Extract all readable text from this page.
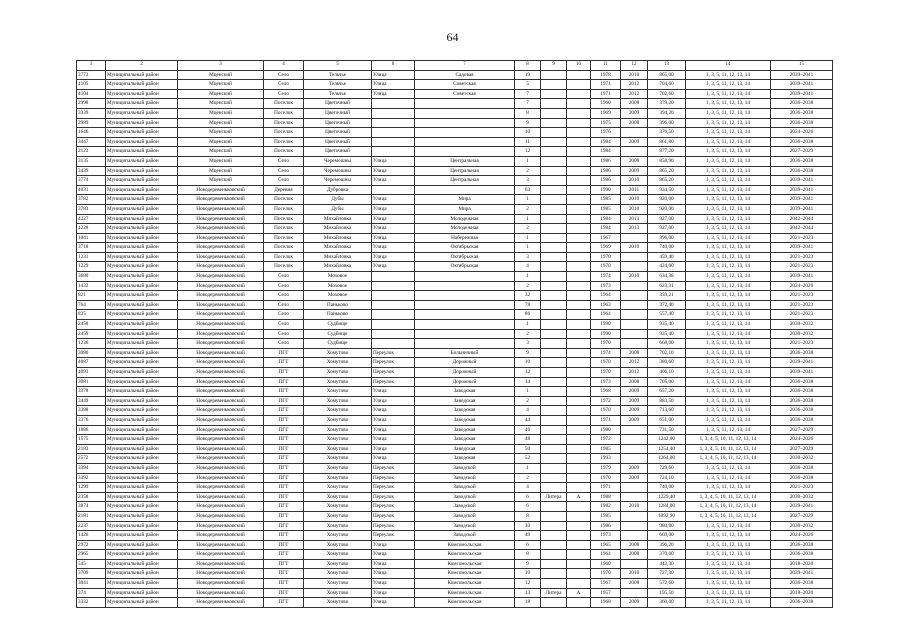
64
1	2	3	4	5	6	7	8	9	10	11	12	13	14	15
3773	Муниципальный район	Мценский	Село	Тельчье	Улица	Садовая	19			1978	2010	865,00	1, 3, 5, 11, 12, 13, 14	2039–2041
4105	Муниципальный район	Мценский	Село	Тельчье	Улица	Советская	5			1971	2012	704,60	1, 3, 5, 11, 12, 13, 14	2039–2041
4104	Муниципальный район	Мценский	Село	Тельчье	Улица	Советская	7			1971	2012	702,60	1, 3, 5, 11, 12, 13, 14	2039–2041
2998	Муниципальный район	Мценский	Поселок	Цветочный			7			1960	2008	379,20	1, 3, 5, 11, 12, 13, 14	2036–2038
3339	Муниципальный район	Мценский	Поселок	Цветочный			8			1969	2009	394,20	1, 3, 5, 11, 12, 13, 14	2036–2038
2989	Муниципальный район	Мценский	Поселок	Цветочный			9			1975	2008	396,00	1, 3, 5, 11, 12, 13, 14	2036–2038
1646	Муниципальный район	Мценский	Поселок	Цветочный			10			1976		376,50	1, 3, 5, 11, 12, 13, 14	2024–2026
3447	Муниципальный район	Мценский	Поселок	Цветочный			11			1984	2009	861,80	1, 3, 5, 11, 12, 13, 14	2036–2038
2123	Муниципальный район	Мценский	Поселок	Цветочный			12			1984		877,20	1, 3, 5, 11, 12, 13, 14	2027–2029
3135	Муниципальный район	Мценский	Село	Черемошны	Улица	Центральная	1			1986	2008	858,90	1, 3, 5, 11, 12, 13, 14	2036–2038
3439	Муниципальный район	Мценский	Село	Черемошны	Улица	Центральная	2			1986	2009	865,20	1, 3, 5, 11, 12, 13, 14	2036–2038
3774	Муниципальный район	Мценский	Село	Черемошны	Улица	Центральная	3			1986	2010	865,20	1, 3, 5, 11, 12, 13, 14	2039–2041
4031	Муниципальный район	Новодеревеньковский	Деревня	Дубровка			63			1990	2011	934,50	1, 3, 5, 11, 12, 13, 14	2039–2041
3782	Муниципальный район	Новодеревеньковский	Поселок	Дубы	Улица	Мира	1			1985	2010	920,00	1, 3, 5, 11, 12, 13, 14	2039–2041
3783	Муниципальный район	Новодеревеньковский	Поселок	Дубы	Улица	Мира	2			1985	2010	920,00	1, 3, 5, 11, 12, 13, 14	2039–2041
4227	Муниципальный район	Новодеревеньковский	Поселок	Михайловка	Улица	Молодежная	1			1984	2013	927,00	1, 3, 5, 11, 12, 13, 14	2042–2044
4228	Муниципальный район	Новодеревеньковский	Поселок	Михайловка	Улица	Молодежная	2			1984	2013	927,00	1, 3, 5, 11, 12, 13, 14	2042–2044
1041	Муниципальный район	Новодеревеньковский	Поселок	Михайловка	Улица	Набережная	1			1967		396,00	1, 3, 5, 11, 12, 13, 14	2021–2023
3718	Муниципальный район	Новодеревеньковский	Поселок	Михайловка	Улица	Октябрьская	1			1969	2010	740,00	1, 3, 5, 11, 12, 13, 14	2039–2041
1231	Муниципальный район	Новодеревеньковский	Поселок	Михайловка	Улица	Октябрьская	3			1970		459,40	1, 3, 5, 11, 12, 13, 14	2021–2023
1229	Муниципальный район	Новодеревеньковский	Поселок	Михайловка	Улица	Октябрьская	4			1970		424,00	1, 3, 5, 11, 12, 13, 14	2021–2023
3680	Муниципальный район	Новодеревеньковский	Село	Моховое			1			1974	2010	634,38	1, 3, 5, 11, 12, 13, 14	2039–2041
1433	Муниципальный район	Новодеревеньковский	Село	Моховое			2			1973		623,31	1, 3, 5, 11, 12, 13, 14	2024–2026
821	Муниципальный район	Новодеревеньковский	Село	Моховое			32			1964		359,21	1, 3, 5, 11, 12, 13, 14	2021–2023
764	Муниципальный район	Новодеревеньковский	Село	Паньково			78			1963		372,40	1, 3, 5, 11, 12, 13, 14	2021–2023
835	Муниципальный район	Новодеревеньковский	Село	Паньково			86			1964		557,40	1, 3, 5, 11, 12, 13, 14	2021–2023
2458	Муниципальный район	Новодеревеньковский	Село	Судбище			1			1990		935,40	1, 3, 5, 11, 12, 13, 14	2030–2032
2459	Муниципальный район	Новодеревеньковский	Село	Судбище			2			1990		935,40	1, 3, 5, 11, 12, 13, 14	2030–2032
1236	Муниципальный район	Новодеревеньковский	Село	Судбище			3			1970		668,00	1, 3, 5, 11, 12, 13, 14	2021–2023
3080	Муниципальный район	Новодеревеньковский	ПГТ	Хомутово	Переулок	Больничный	9			1974	2008	702,10	1, 3, 5, 11, 12, 13, 14	2036–2038
4087	Муниципальный район	Новодеревеньковский	ПГТ	Хомутово	Переулок	Дорожный	10			1970	2012	380,60	1, 3, 5, 11, 12, 13, 14	2039–2041
4093	Муниципальный район	Новодеревеньковский	ПГТ	Хомутово	Переулок	Дорожный	12			1970	2012	406,10	1, 3, 5, 11, 12, 13, 14	2039–2041
3081	Муниципальный район	Новодеревеньковский	ПГТ	Хомутово	Переулок	Дорожный	14			1973	2008	705,00	1, 3, 5, 11, 12, 13, 14	2036–2038
3378	Муниципальный район	Новодеревеньковский	ПГТ	Хомутово	Улица	Заводская	1			1968	2009	657,20	1, 3, 5, 11, 12, 13, 14	2036–2038
3449	Муниципальный район	Новодеревеньковский	ПГТ	Хомутово	Улица	Заводская	2			1972	2009	883,50	1, 3, 5, 11, 12, 13, 14	2036–2038
3388	Муниципальный район	Новодеревеньковский	ПГТ	Хомутово	Улица	Заводская	4			1970	2009	713,60	1, 3, 5, 11, 12, 13, 14	2036–2038
3376	Муниципальный район	Новодеревеньковский	ПГТ	Хомутово	Улица	Заводская	44			1971	2009	651,00	1, 3, 5, 11, 12, 13, 14	2036–2038
1886	Муниципальный район	Новодеревеньковский	ПГТ	Хомутово	Улица	Заводская	46			1980		731,50	1, 3, 5, 11, 12, 13, 14	2027–2029
1575	Муниципальный район	Новодеревеньковский	ПГТ	Хомутово	Улица	Заводская	48			1972		1242,00	1, 3, 4, 5, 10, 11, 12, 13, 14	2024–2026
2183	Муниципальный район	Новодеревеньковский	ПГТ	Хомутово	Улица	Заводская	50			1985		1254,40	1, 3, 4, 5, 10, 11, 12, 13, 14	2027–2029
2572	Муниципальный район	Новодеревеньковский	ПГТ	Хомутово	Улица	Заводская	52			1993		1264,00	1, 3, 4, 5, 10, 11, 12, 13, 14	2030–2032
3394	Муниципальный район	Новодеревеньковский	ПГТ	Хомутово	Переулок	Заводской	1			1979	2009	729,60	1, 3, 5, 11, 12, 13, 14	2036–2038
3392	Муниципальный район	Новодеревеньковский	ПГТ	Хомутово	Переулок	Заводской	2			1970	2009	724,10	1, 3, 5, 11, 12, 13, 14	2036–2038
1299	Муниципальный район	Новодеревеньковский	ПГТ	Хомутово	Переулок	Заводской	4			1971		740,00	1, 3, 5, 11, 12, 13, 14	2021–2023
2358	Муниципальный район	Новодеревеньковский	ПГТ	Хомутово	Переулок	Заводской	6	Литера	А	1988		1229,40	1, 3, 4, 5, 10, 11, 12, 13, 14	2030–2032
3874	Муниципальный район	Новодеревеньковский	ПГТ	Хомутово	Переулок	Заводской	6			1982	2010	1284,00	1, 3, 4, 5, 10, 11, 12, 13, 14	2039–2041
2181	Муниципальный район	Новодеревеньковский	ПГТ	Хомутово	Переулок	Заводской	8			1985		1092,90	1, 3, 4, 5, 10, 11, 12, 13, 14	2027–2029
2237	Муниципальный район	Новодеревеньковский	ПГТ	Хомутово	Переулок	Заводской	10			1986		980,80	1, 3, 5, 11, 12, 13, 14	2030–2032
1426	Муниципальный район	Новодеревеньковский	ПГТ	Хомутово	Переулок	Заводской	49			1973		669,00	1, 3, 5, 11, 12, 13, 14	2024–2026
2972	Муниципальный район	Новодеревеньковский	ПГТ	Хомутово	Улица	Комсомольская	6			1965	2008	396,20	1, 3, 5, 11, 12, 13, 14	2036–2038
2965	Муниципальный район	Новодеревеньковский	ПГТ	Хомутово	Улица	Комсомольская	8			1964	2008	370,00	1, 3, 5, 11, 12, 13, 14	2036–2038
545	Муниципальный район	Новодеревеньковский	ПГТ	Хомутово	Улица	Комсомольская	9			1960		442,30	1, 3, 5, 11, 12, 13, 14	2018–2020
3709	Муниципальный район	Новодеревеньковский	ПГТ	Хомутово	Улица	Комсомольская	10			1970	2010	727,30	1, 3, 5, 11, 12, 13, 14	2039–2041
3041	Муниципальный район	Новодеревеньковский	ПГТ	Хомутово	Улица	Комсомольская	12			1967	2008	572,60	1, 3, 5, 11, 12, 13, 14	2036–2038
374	Муниципальный район	Новодеревеньковский	ПГТ	Хомутово	Улица	Комсомольская	13	Литера	А	1957		195,50	1, 3, 5, 11, 12, 13, 14	2018–2020
3332	Муниципальный район	Новодеревеньковский	ПГТ	Хомутово	Улица	Комсомольская	18			1968	2009	360,00	1, 3, 5, 11, 12, 13, 14	2036–2038
